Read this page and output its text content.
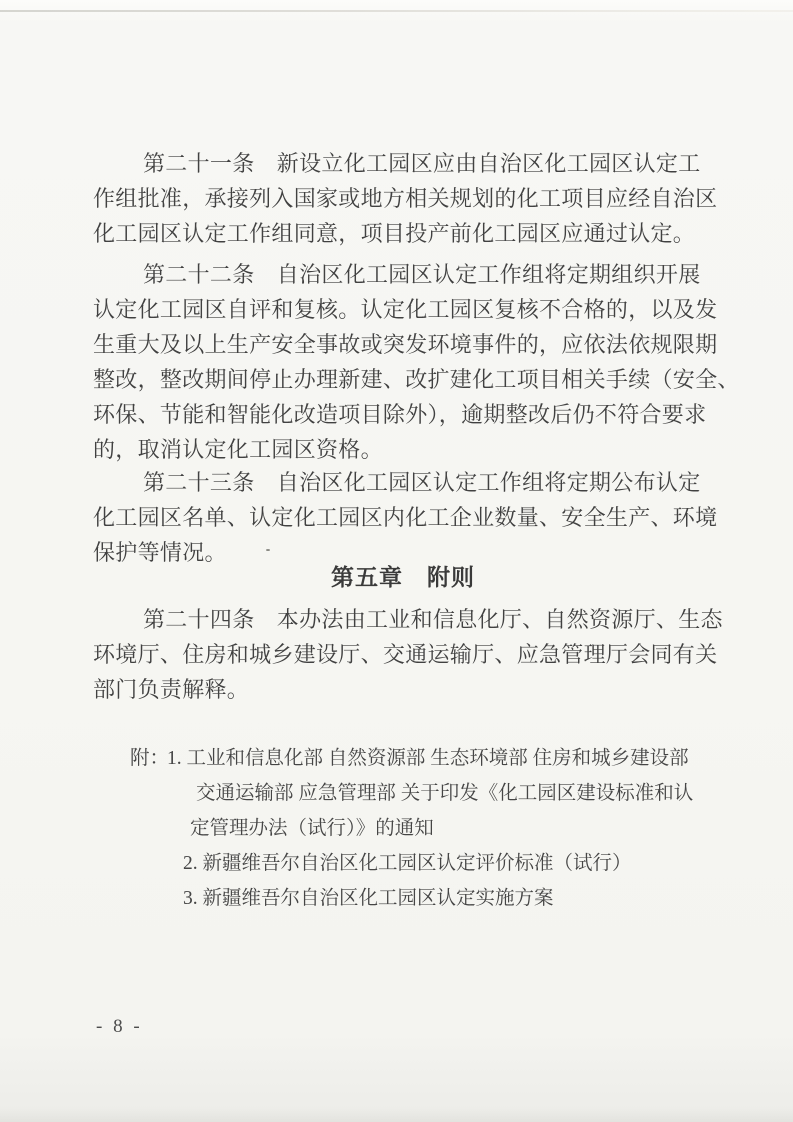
第二十一条　新设立化工园区应由自治区化工园区认定工
作组批准，承接列入国家或地方相关规划的化工项目应经自治区
化工园区认定工作组同意，项目投产前化工园区应通过认定。
第二十二条　自治区化工园区认定工作组将定期组织开展
认定化工园区自评和复核。认定化工园区复核不合格的，以及发
生重大及以上生产安全事故或突发环境事件的，应依法依规限期
整改，整改期间停止办理新建、改扩建化工项目相关手续（安全、
环保、节能和智能化改造项目除外），逾期整改后仍不符合要求
的，取消认定化工园区资格。
第二十三条　自治区化工园区认定工作组将定期公布认定
化工园区名单、认定化工园区内化工企业数量、安全生产、环境
保护等情况。
第五章　附则
第二十四条　本办法由工业和信息化厅、自然资源厅、生态
环境厅、住房和城乡建设厅、交通运输厅、应急管理厅会同有关
部门负责解释。
附：
1. 工业和信息化部 自然资源部 生态环境部 住房和城乡建设部
交通运输部 应急管理部 关于印发《化工园区建设标准和认
定管理办法（试行）》的通知
2. 新疆维吾尔自治区化工园区认定评价标准（试行）
3. 新疆维吾尔自治区化工园区认定实施方案
- 8 -
